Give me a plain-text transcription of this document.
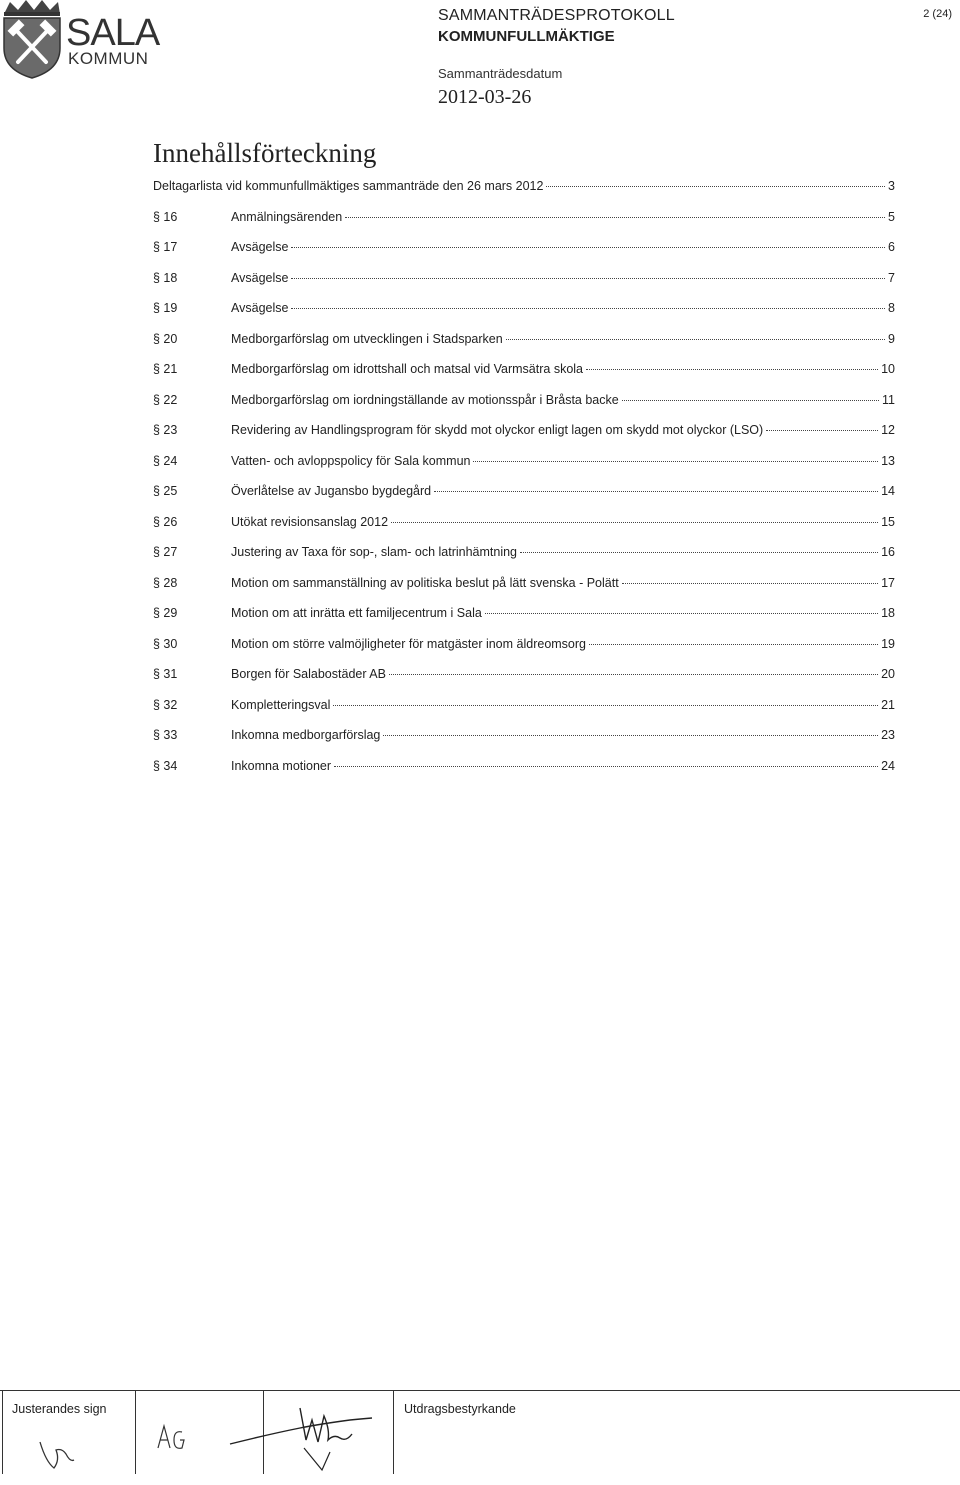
SALA
KOMMUN
SAMMANTRÄDESPROTOKOLL
KOMMUNFULLMÄKTIGE
Sammanträdesdatum
2012-03-26
2 (24)
Innehållsförteckning
Deltagarlista vid kommunfullmäktiges sammanträde den 26 mars 2012	3
§ 16	Anmälningsärenden	5
§ 17	Avsägelse	6
§ 18	Avsägelse	7
§ 19	Avsägelse	8
§ 20	Medborgarförslag om utvecklingen i Stadsparken	9
§ 21	Medborgarförslag om idrottshall och matsal vid Varmsätra skola	10
§ 22	Medborgarförslag om iordningställande av motionsspår i Bråsta backe	11
§ 23	Revidering av Handlingsprogram för skydd mot olyckor enligt lagen om skydd mot olyckor (LSO)	12
§ 24	Vatten- och avloppspolicy för Sala kommun	13
§ 25	Överlåtelse av Jugansbo bygdegård	14
§ 26	Utökat revisionsanslag 2012	15
§ 27	Justering av Taxa för sop-, slam- och latrinhämtning	16
§ 28	Motion om sammanställning av politiska beslut på lätt svenska - Polätt	17
§ 29	Motion om att inrätta ett familjecentrum i Sala	18
§ 30	Motion om större valmöjligheter för matgäster inom äldreomsorg	19
§ 31	Borgen för Salabostäder AB	20
§ 32	Kompletteringsval	21
§ 33	Inkomna medborgarförslag	23
§ 34	Inkomna motioner	24
Justerandes sign	Utdragsbestyrkande
